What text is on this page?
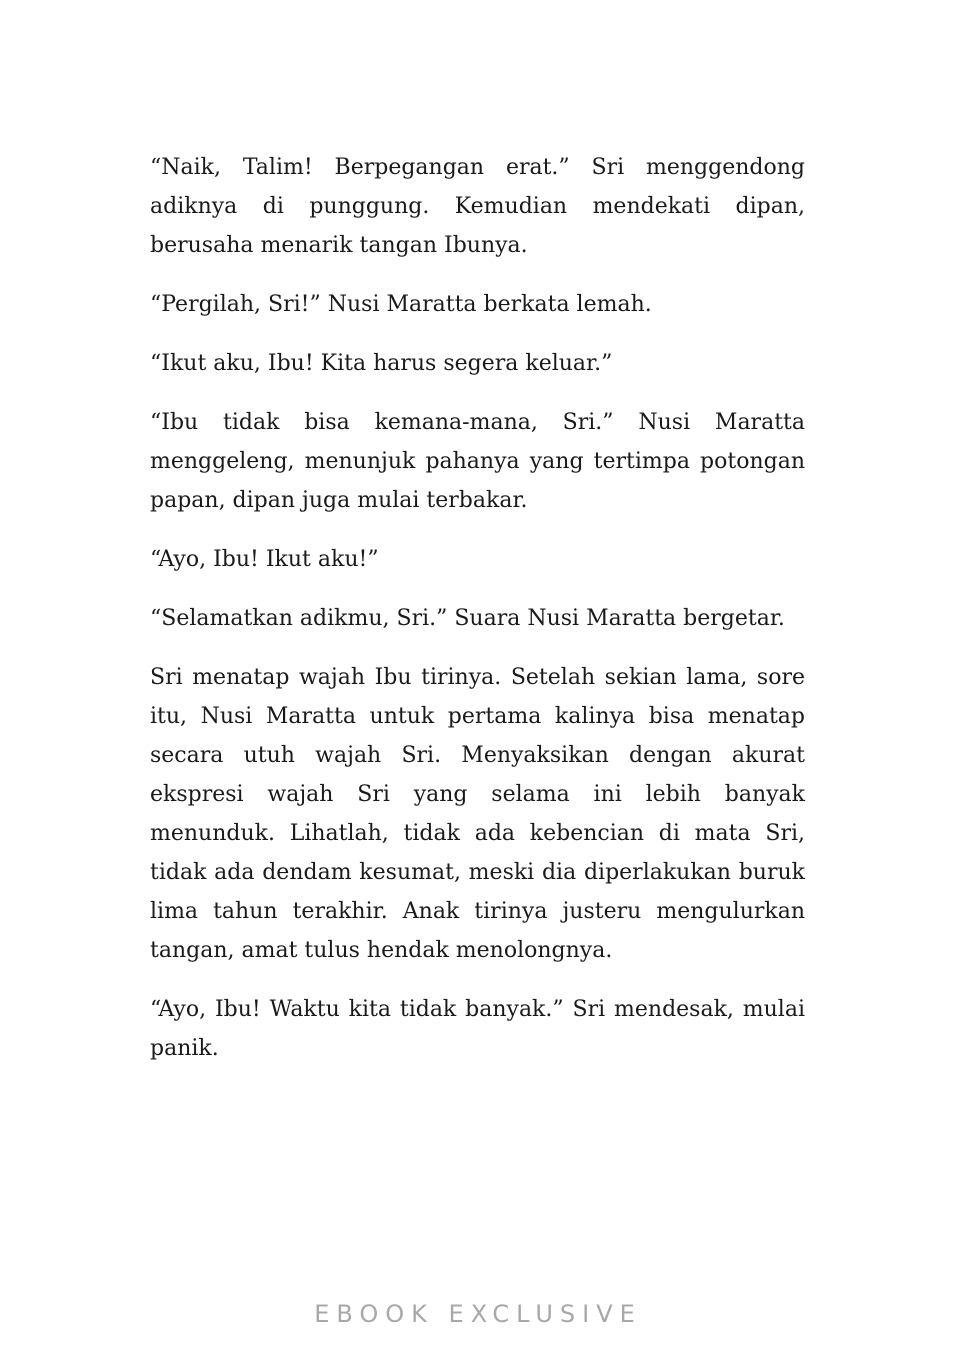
“Naik, Talim! Berpegangan erat.” Sri menggendong adiknya di punggung. Kemudian mendekati dipan, berusaha menarik tangan Ibunya.

“Pergilah, Sri!” Nusi Maratta berkata lemah.

“Ikut aku, Ibu! Kita harus segera keluar.”

“Ibu tidak bisa kemana-mana, Sri.” Nusi Maratta menggeleng, menunjuk pahanya yang tertimpa potongan papan, dipan juga mulai terbakar.

“Ayo, Ibu! Ikut aku!”

“Selamatkan adikmu, Sri.” Suara Nusi Maratta bergetar.

Sri menatap wajah Ibu tirinya. Setelah sekian lama, sore itu, Nusi Maratta untuk pertama kalinya bisa menatap secara utuh wajah Sri. Menyaksikan dengan akurat ekspresi wajah Sri yang selama ini lebih banyak menunduk. Lihatlah, tidak ada kebencian di mata Sri, tidak ada dendam kesumat, meski dia diperlakukan buruk lima tahun terakhir. Anak tirinya justeru mengulurkan tangan, amat tulus hendak menolongnya.

“Ayo, Ibu! Waktu kita tidak banyak.” Sri mendesak, mulai panik.

EBOOK EXCLUSIVE
